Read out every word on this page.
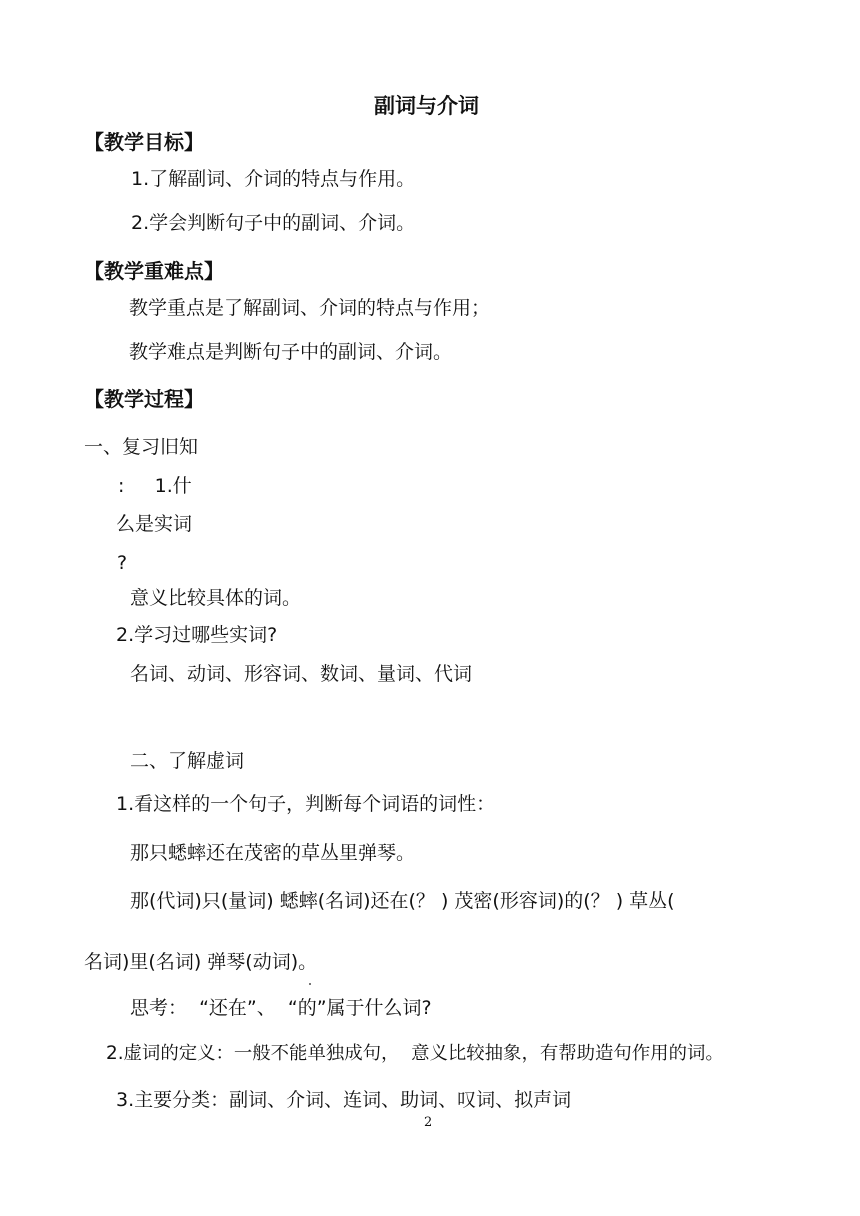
副词与介词
【教学目标】
1.了解副词、介词的特点与作用。
2.学会判断句子中的副词、介词。
【教学重难点】
教学重点是了解副词、介词的特点与作用；
教学难点是判断句子中的副词、介词。
【教学过程】
一、复习旧知
:     1.什
么是实词
?
意义比较具体的词。
2.学习过哪些实词?
名词、动词、形容词、数词、量词、代词
二、了解虚词
1.看这样的一个句子，判断每个词语的词性：
那只蟋蟀还在茂密的草丛里弹琴。
那(代词)只(量词) 蟋蟀(名词)还在(？ ) 茂密(形容词)的(？ ) 草丛(
名词)里(名词) 弹琴(动词)。
思考：  “还在”、  “的”属于什么词?
2.虚词的定义：一般不能单独成句，  意义比较抽象，有帮助造句作用的词。
3.主要分类：副词、介词、连词、助词、叹词、拟声词
2
